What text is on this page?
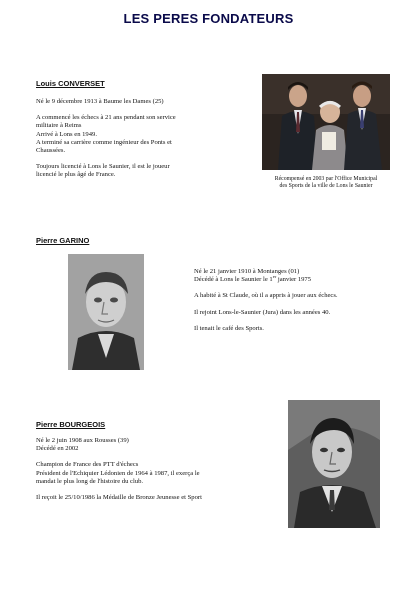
LES PERES FONDATEURS
Louis CONVERSET

Né le 9 décembre 1913 à Baume les Dames (25)

A commencé les échecs à 21 ans pendant son service

militaire à Reims

Arrivé à Lons en 1949.

A terminé sa carrière comme ingénieur des Ponts et

Chaussées.

Toujours licencié à Lons le Saunier, il est le joueur

licencié le plus âgé de France.

Récompensé en 2003 par l'Office Municipal
des Sports de la ville de Lons le Saunier
Pierre GARINO

Né le 21 janvier 1910 à Montanges (01)

Décédé à Lons le Saunier le 1er janvier 1975

A habité à St Claude, où il a appris à jouer aux échecs.

Il rejoint Lons-le-Saunier (Jura) dans les années 40.

Il tenait le café des Sports.

Pierre BOURGEOIS

Né le 2 juin 1908 aux Rousses (39)

Décédé en 2002

Champion de France des PTT d'échecs

Président de l'Echiquier Lédonien de 1964 à 1987, il exerça le

mandat le plus long de l'histoire du club.

Il reçoit le 25/10/1986 la Médaille de Bronze Jeunesse et Sport
